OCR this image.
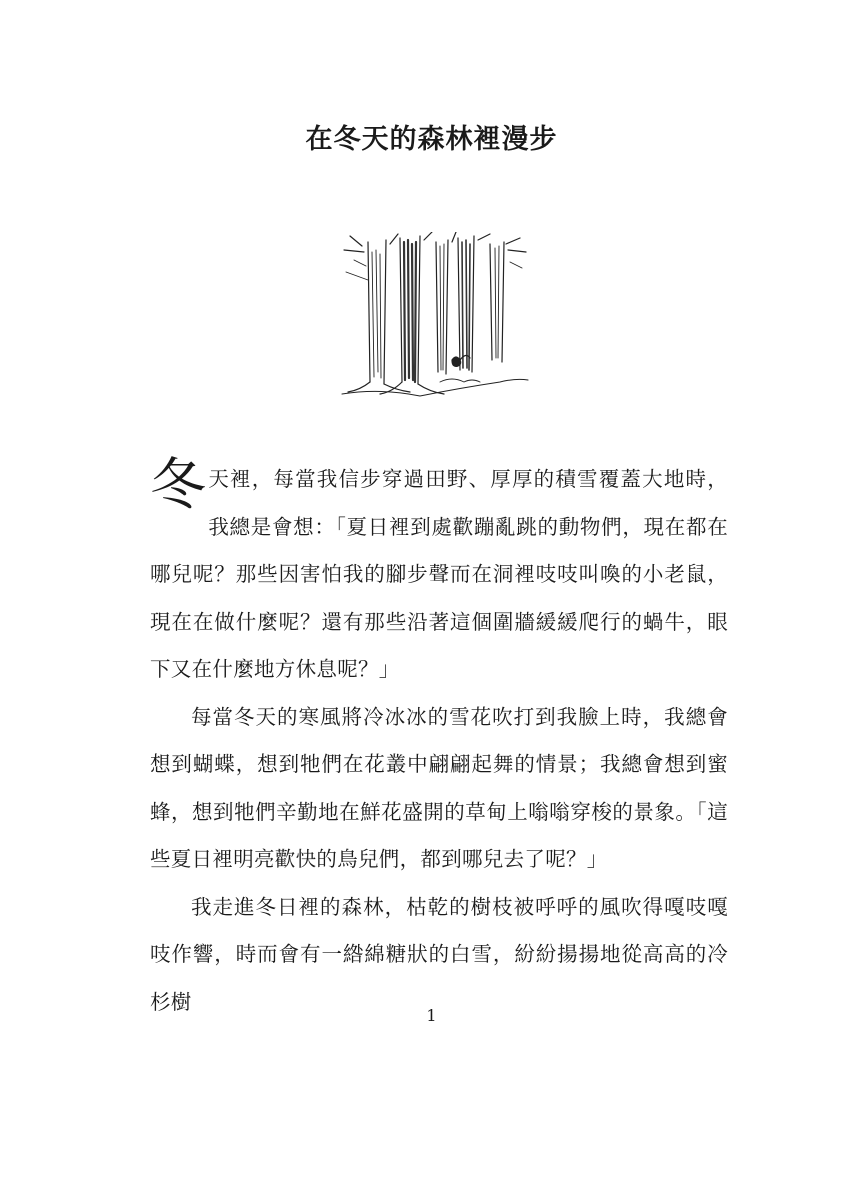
在冬天的森林裡漫步

冬天裡，每當我信步穿過田野、厚厚的積雪覆蓋大地時，我總是會想：「夏日裡到處歡蹦亂跳的動物們，現在都在哪兒呢？那些因害怕我的腳步聲而在洞裡吱吱叫喚的小老鼠，現在在做什麼呢？還有那些沿著這個圍牆緩緩爬行的蝸牛，眼下又在什麼地方休息呢？」

每當冬天的寒風將冷冰冰的雪花吹打到我臉上時，我總會想到蝴蝶，想到牠們在花叢中翩翩起舞的情景；我總會想到蜜蜂，想到牠們辛勤地在鮮花盛開的草甸上嗡嗡穿梭的景象。「這些夏日裡明亮歡快的鳥兒們，都到哪兒去了呢？」

我走進冬日裡的森林，枯乾的樹枝被呼呼的風吹得嘎吱嘎吱作響，時而會有一綹綿糖狀的白雪，紛紛揚揚地從高高的冷杉樹

1
